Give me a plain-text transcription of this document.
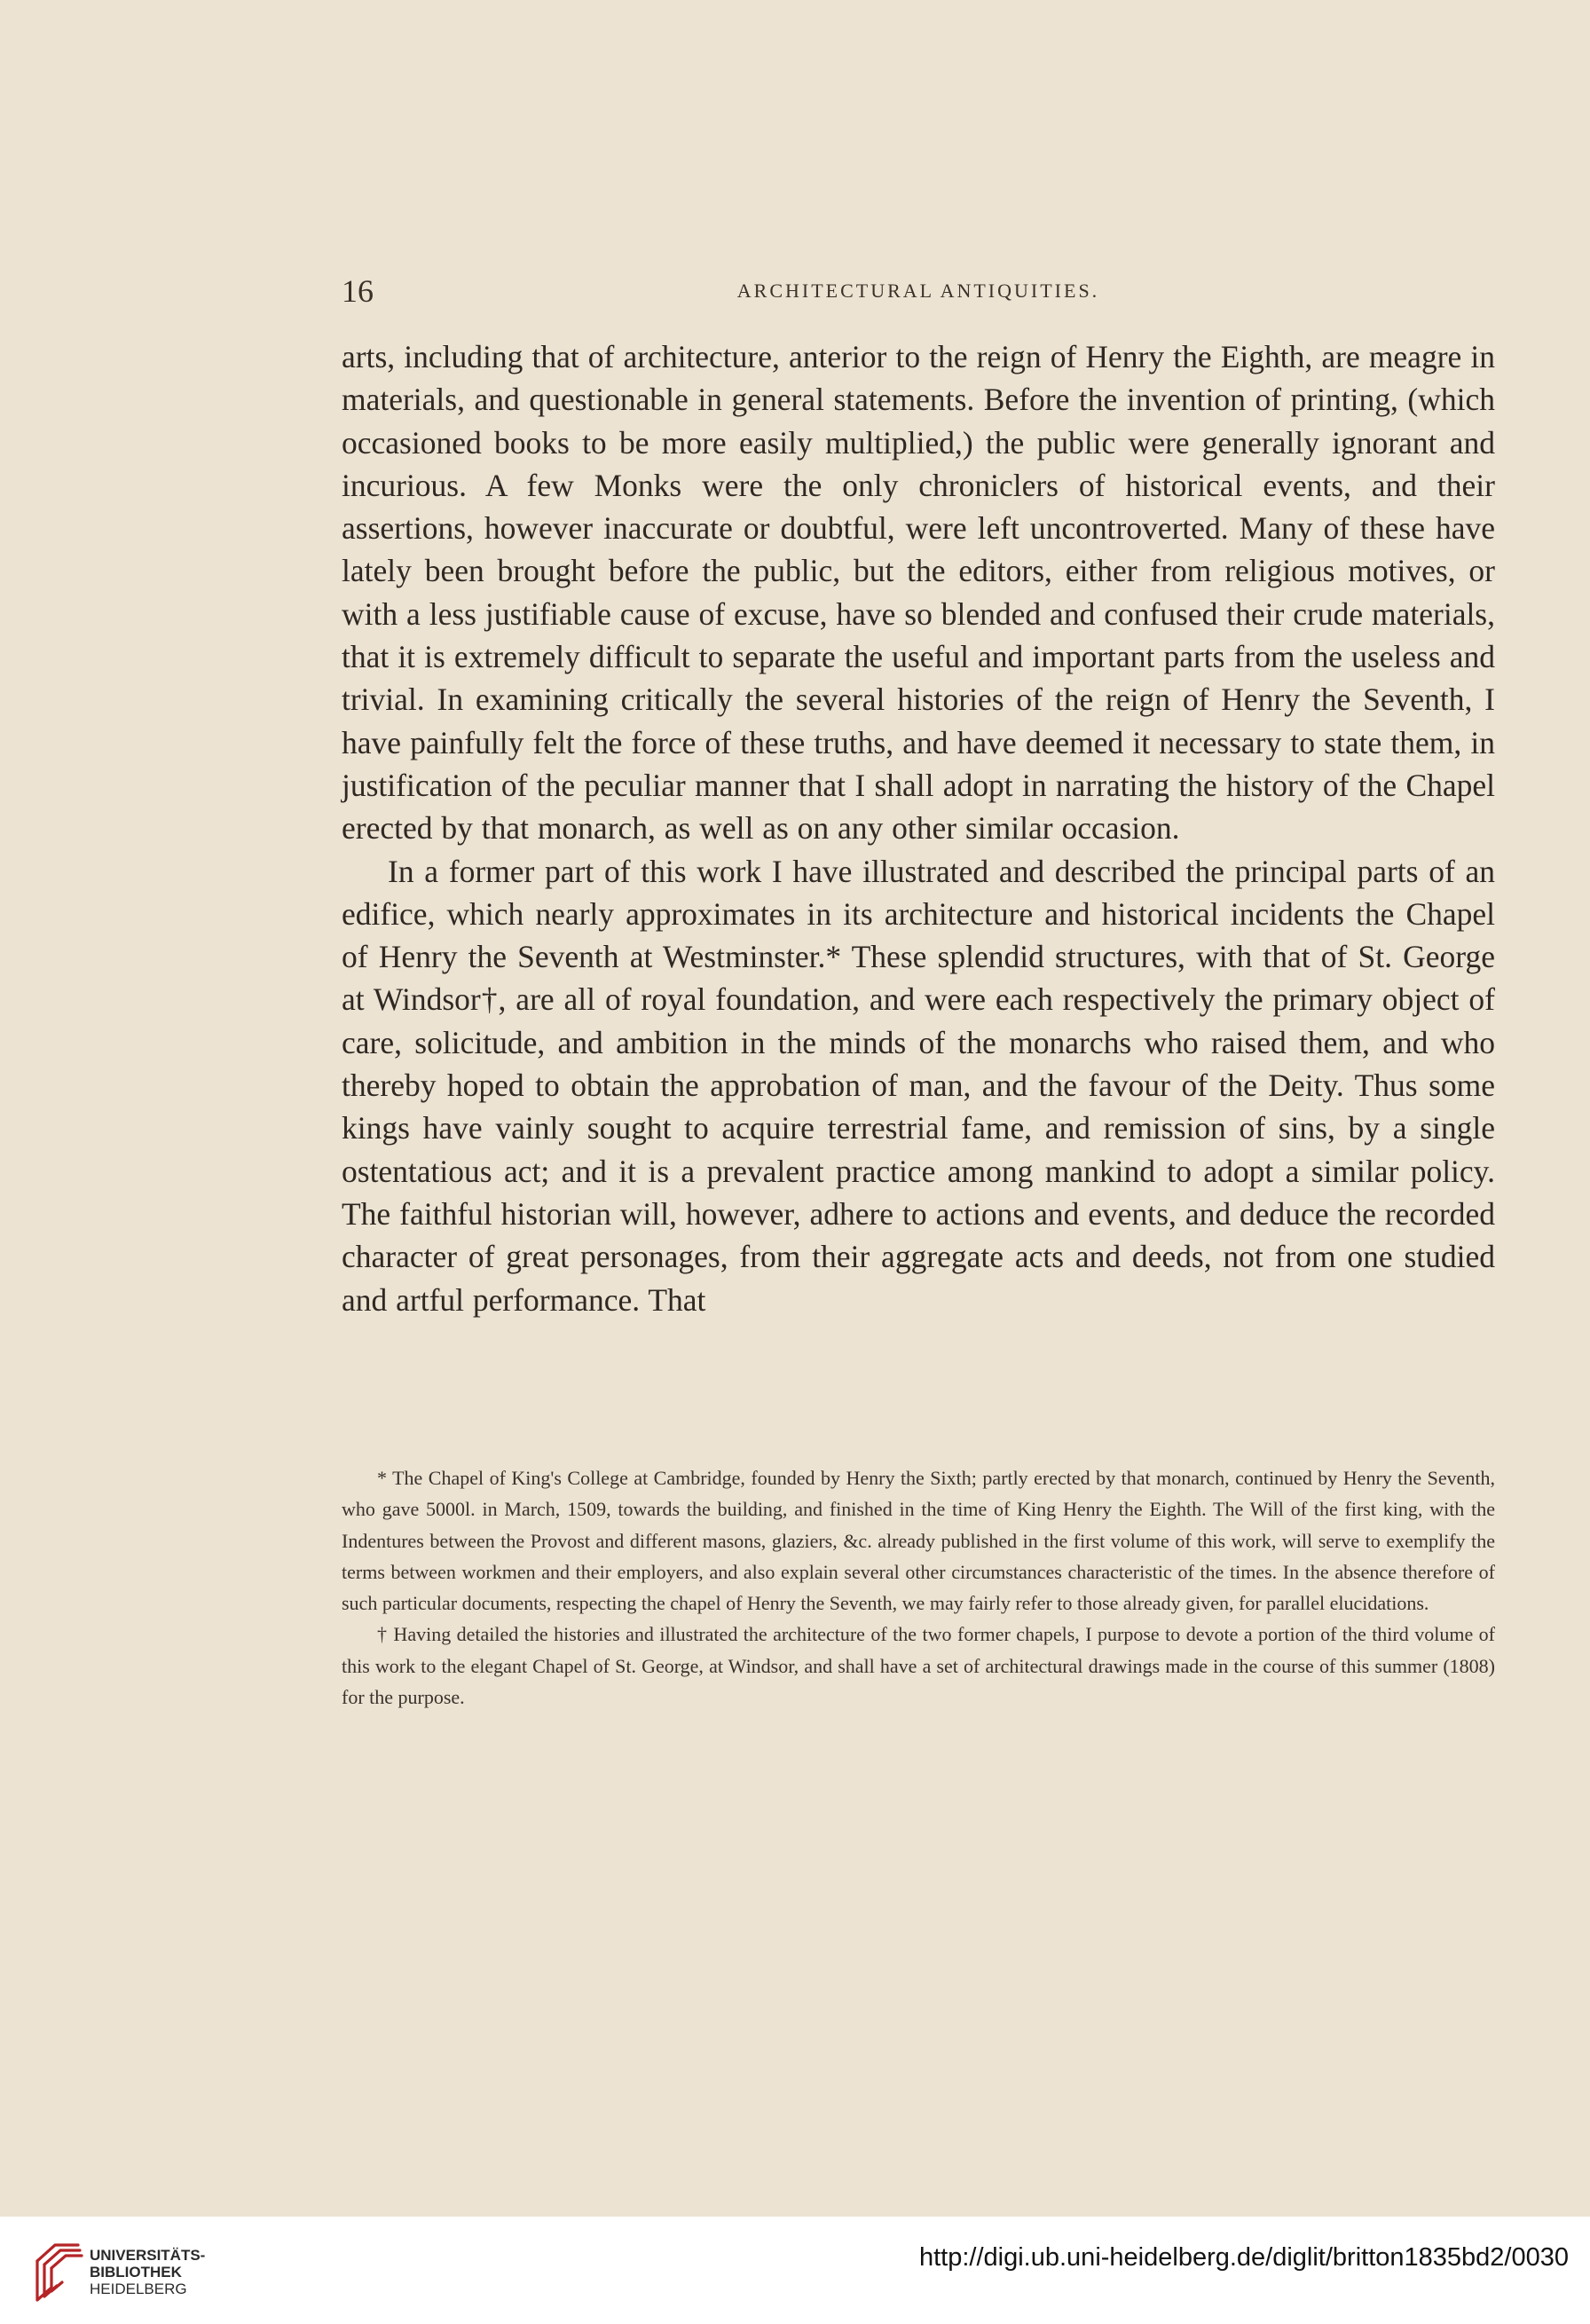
16	ARCHITECTURAL ANTIQUITIES.

arts, including that of architecture, anterior to the reign of Henry the Eighth, are meagre in materials, and questionable in general statements. Before the invention of printing, (which occasioned books to be more easily multiplied,) the public were generally ignorant and incurious. A few Monks were the only chroniclers of historical events, and their assertions, however inaccurate or doubtful, were left uncontroverted. Many of these have lately been brought before the public, but the editors, either from religious motives, or with a less justifiable cause of excuse, have so blended and confused their crude materials, that it is extremely difficult to separate the useful and important parts from the useless and trivial. In examining critically the several histories of the reign of Henry the Seventh, I have painfully felt the force of these truths, and have deemed it necessary to state them, in justification of the peculiar manner that I shall adopt in narrating the history of the Chapel erected by that monarch, as well as on any other similar occasion.

In a former part of this work I have illustrated and described the principal parts of an edifice, which nearly approximates in its architecture and historical incidents the Chapel of Henry the Seventh at Westminster.* These splendid structures, with that of St. George at Windsor†, are all of royal foundation, and were each respectively the primary object of care, solicitude, and ambition in the minds of the monarchs who raised them, and who thereby hoped to obtain the approbation of man, and the favour of the Deity. Thus some kings have vainly sought to acquire terrestrial fame, and remission of sins, by a single ostentatious act; and it is a prevalent practice among mankind to adopt a similar policy. The faithful historian will, however, adhere to actions and events, and deduce the recorded character of great personages, from their aggregate acts and deeds, not from one studied and artful performance. That

* The Chapel of King's College at Cambridge, founded by Henry the Sixth; partly erected by that monarch, continued by Henry the Seventh, who gave 5000l. in March, 1509, towards the building, and finished in the time of King Henry the Eighth. The Will of the first king, with the Indentures between the Provost and different masons, glaziers, &c. already published in the first volume of this work, will serve to exemplify the terms between workmen and their employers, and also explain several other circumstances characteristic of the times. In the absence therefore of such particular documents, respecting the chapel of Henry the Seventh, we may fairly refer to those already given, for parallel elucidations.

† Having detailed the histories and illustrated the architecture of the two former chapels, I purpose to devote a portion of the third volume of this work to the elegant Chapel of St. George, at Windsor, and shall have a set of architectural drawings made in the course of this summer (1808) for the purpose.

UNIVERSITÄTS-
BIBLIOTHEK
HEIDELBERG
http://digi.ub.uni-heidelberg.de/diglit/britton1835bd2/0030
